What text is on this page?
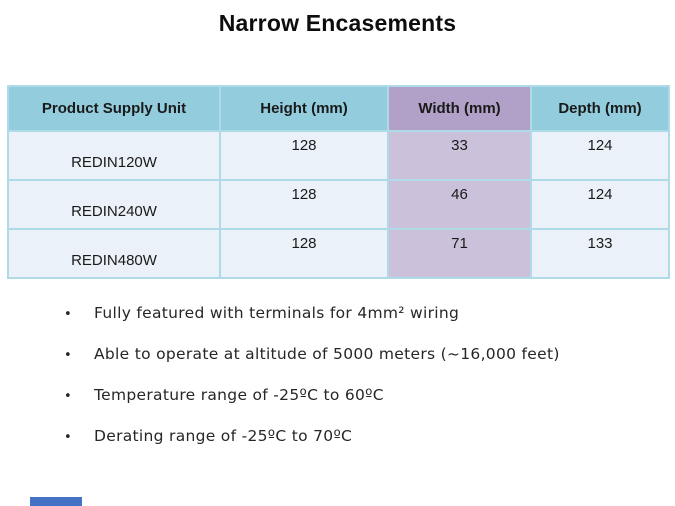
Narrow Encasements
Product Supply Unit	Height (mm)	Width (mm)	Depth (mm)
REDIN120W	128	33	124
REDIN240W	128	46	124
REDIN480W	128	71	133
•	Fully featured with terminals for 4mm² wiring
•	Able to operate at altitude of 5000 meters (~16,000 feet)
•	Temperature range of -25ºC to 60ºC
•	Derating range of -25ºC to 70ºC
